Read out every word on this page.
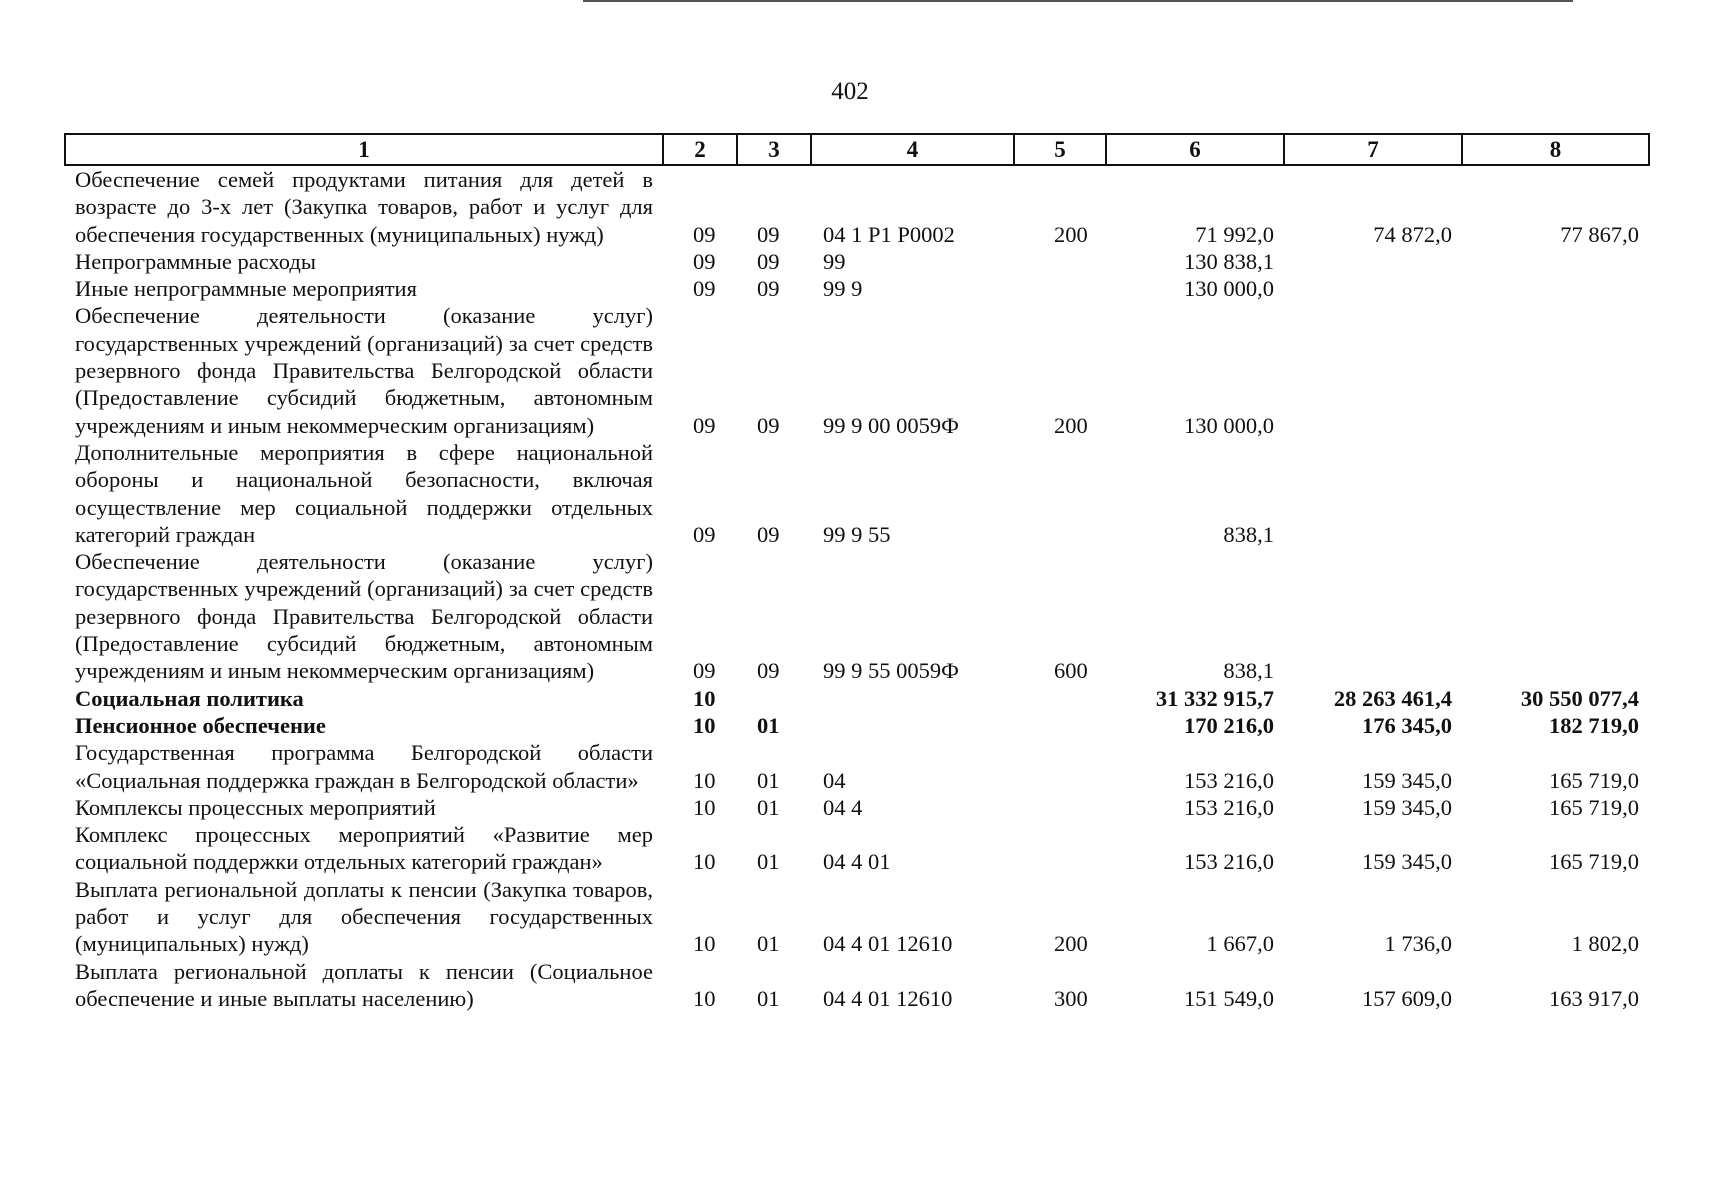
402
1	2	3	4	5	6	7	8
Обеспечение семей продуктами питания для детей в возрасте до 3-х лет (Закупка товаров, работ и услуг для обеспечения государственных (муниципальных) нужд)	09	09	04 1 P1 P0002	200	71 992,0	74 872,0	77 867,0
Непрограммные расходы	09	09	99		130 838,1		
Иные непрограммные мероприятия	09	09	99 9		130 000,0		
Обеспечение деятельности (оказание услуг) государственных учреждений (организаций) за счет средств резервного фонда Правительства Белгородской области (Предоставление субсидий бюджетным, автономным учреждениям и иным некоммерческим организациям)	09	09	99 9 00 0059Ф	200	130 000,0		
Дополнительные мероприятия в сфере национальной обороны и национальной безопасности, включая осуществление мер социальной поддержки отдельных категорий граждан	09	09	99 9 55		838,1		
Обеспечение деятельности (оказание услуг) государственных учреждений (организаций) за счет средств резервного фонда Правительства Белгородской области (Предоставление субсидий бюджетным, автономным учреждениям и иным некоммерческим организациям)	09	09	99 9 55 0059Ф	600	838,1		
Социальная политика	10				31 332 915,7	28 263 461,4	30 550 077,4
Пенсионное обеспечение	10	01			170 216,0	176 345,0	182 719,0
Государственная программа Белгородской области «Социальная поддержка граждан в Белгородской области»	10	01	04		153 216,0	159 345,0	165 719,0
Комплексы процессных мероприятий	10	01	04 4		153 216,0	159 345,0	165 719,0
Комплекс процессных мероприятий «Развитие мер социальной поддержки отдельных категорий граждан»	10	01	04 4 01		153 216,0	159 345,0	165 719,0
Выплата региональной доплаты к пенсии (Закупка товаров, работ и услуг для обеспечения государственных (муниципальных) нужд)	10	01	04 4 01 12610	200	1 667,0	1 736,0	1 802,0
Выплата региональной доплаты к пенсии (Социальное обеспечение и иные выплаты населению)	10	01	04 4 01 12610	300	151 549,0	157 609,0	163 917,0
